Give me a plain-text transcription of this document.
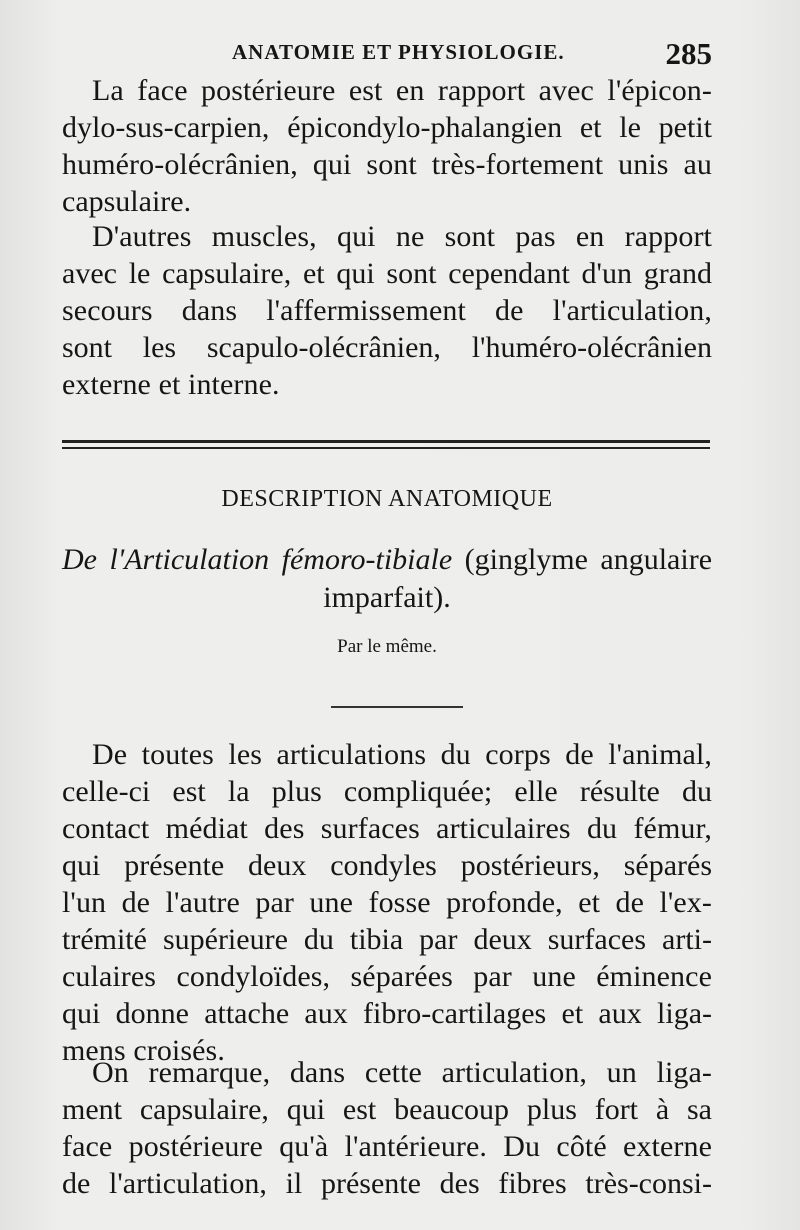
ANATOMIE ET PHYSIOLOGIE.	285
La face postérieure est en rapport avec l'épicon-
dylo-sus-carpien, épicondylo-phalangien et le petit
huméro-olécrânien, qui sont très-fortement unis au
capsulaire.
D'autres muscles, qui ne sont pas en rapport
avec le capsulaire, et qui sont cependant d'un grand
secours dans l'affermissement de l'articulation,
sont les scapulo-olécrânien, l'huméro-olécrânien
externe et interne.
DESCRIPTION ANATOMIQUE
De l'Articulation fémoro-tibiale (ginglyme angulaire
imparfait).
Par le même.
De toutes les articulations du corps de l'animal,
celle-ci est la plus compliquée; elle résulte du
contact médiat des surfaces articulaires du fémur,
qui présente deux condyles postérieurs, séparés
l'un de l'autre par une fosse profonde, et de l'ex-
trémité supérieure du tibia par deux surfaces arti-
culaires condyloïdes, séparées par une éminence
qui donne attache aux fibro-cartilages et aux liga-
mens croisés.
On remarque, dans cette articulation, un liga-
ment capsulaire, qui est beaucoup plus fort à sa
face postérieure qu'à l'antérieure. Du côté externe
de l'articulation, il présente des fibres très-consi-
